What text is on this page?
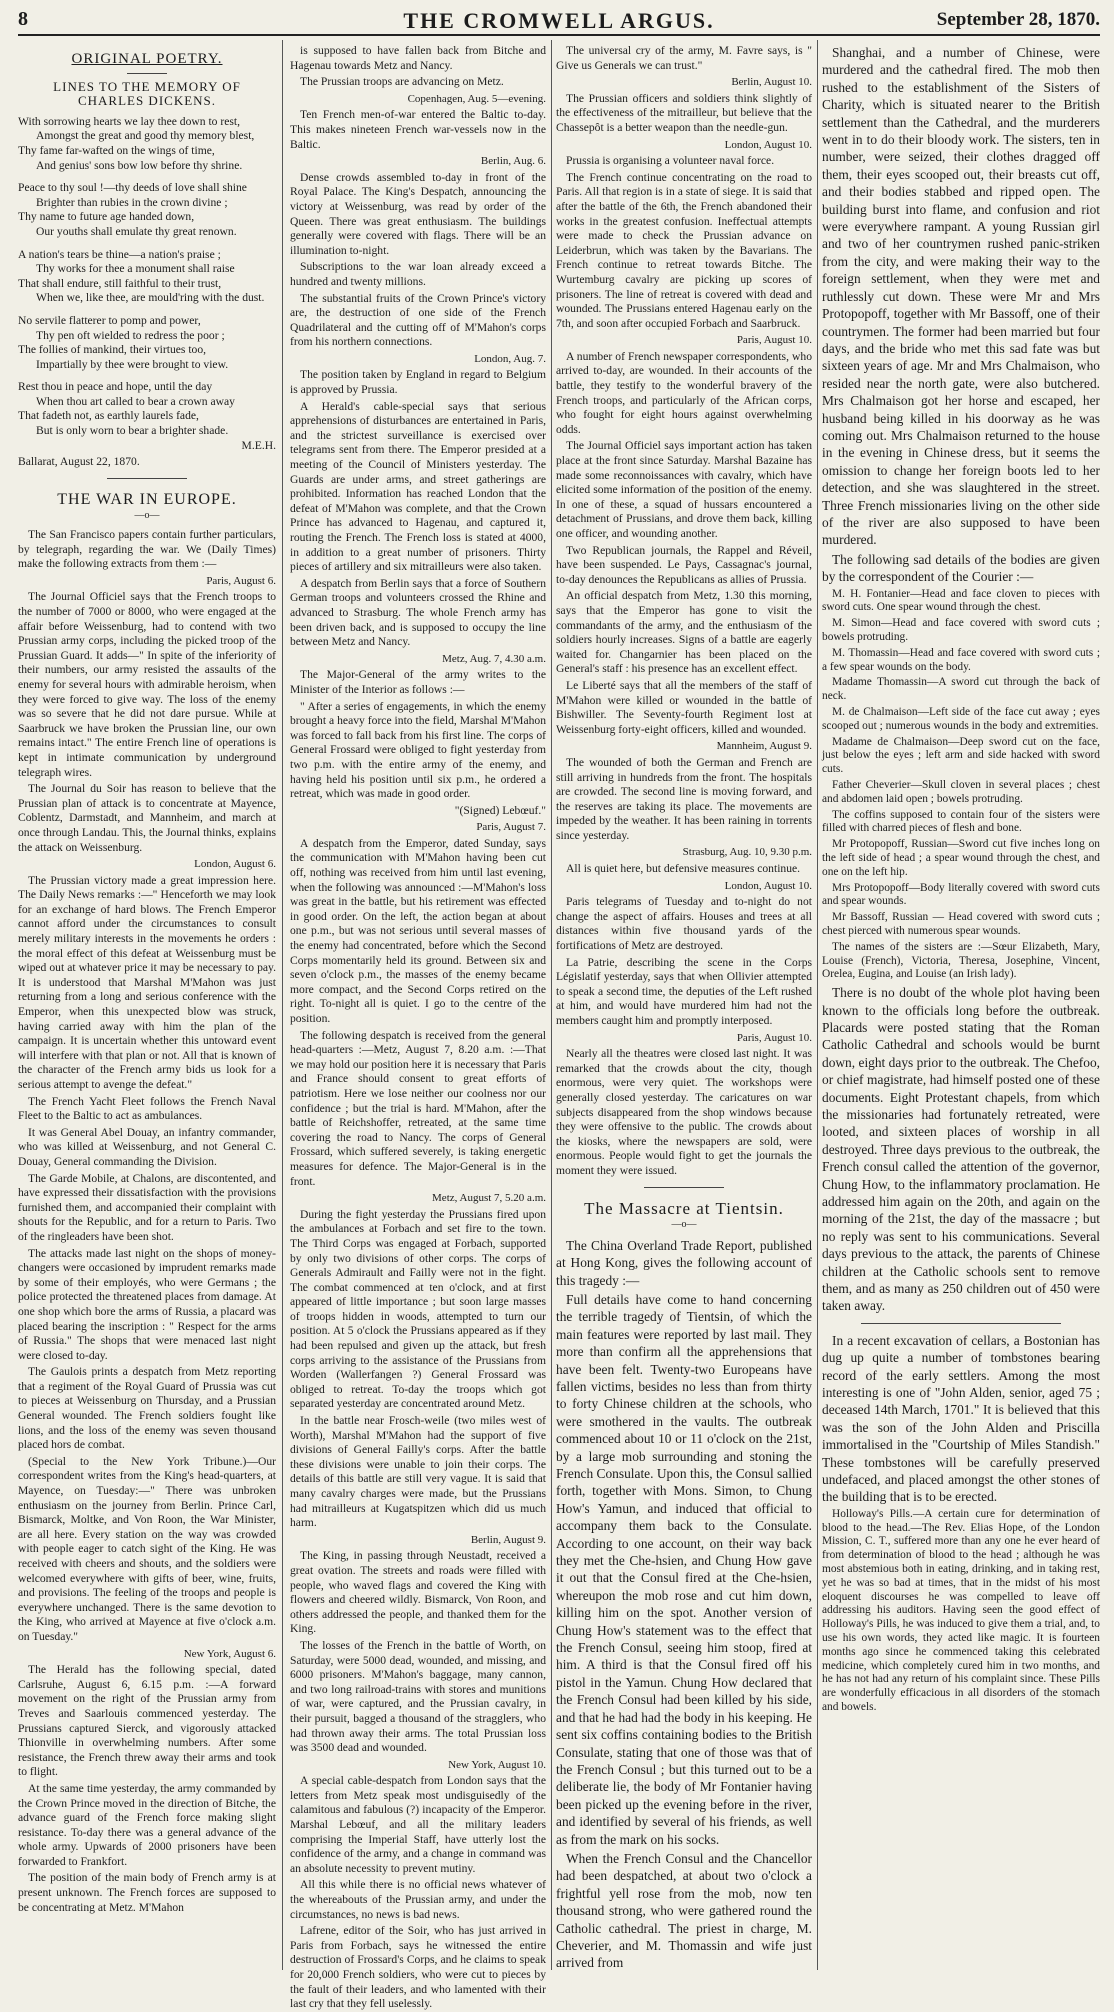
8	THE CROMWELL ARGUS.	September 28, 1870.
ORIGINAL POETRY.
LINES TO THE MEMORY OF CHARLES DICKENS.
With sorrowing hearts we lay thee down to rest,
Amongst the great and good thy memory blest,
Thy fame far-wafted on the wings of time,
And genius' sons bow low before thy shrine.
Peace to thy soul !—thy deeds of love shall shine
Brighter than rubies in the crown divine ;
Thy name to future age handed down,
Our youths shall emulate thy great renown.
A nation's tears be thine—a nation's praise ;
Thy works for thee a monument shall raise
That shall endure, still faithful to their trust,
When we, like thee, are mould'ring with the dust.
No servile flatterer to pomp and power,
Thy pen oft wielded to redress the poor ;
The follies of mankind, their virtues too,
Impartially by thee were brought to view.
Rest thou in peace and hope, until the day
When thou art called to bear a crown away
That fadeth not, as earthly laurels fade,
But is only worn to bear a brighter shade.

M.E.H.

Ballarat, August 22, 1870.

THE WAR IN EUROPE.
—o—

The San Francisco papers contain further particulars, by telegraph, regarding the war. We (Daily Times) make the following extracts from them :—

Paris, August 6.

The Journal Officiel says that the French troops to the number of 7000 or 8000, who were engaged at the affair before Weissenburg, had to contend with two Prussian army corps, including the picked troop of the Prussian Guard. It adds—" In spite of the inferiority of their numbers, our army resisted the assaults of the enemy for several hours with admirable heroism, when they were forced to give way. The loss of the enemy was so severe that he did not dare pursue. While at Saarbruck we have broken the Prussian line, our own remains intact." The entire French line of operations is kept in intimate communication by underground telegraph wires.

The Journal du Soir has reason to believe that the Prussian plan of attack is to concentrate at Mayence, Coblentz, Darmstadt, and Mannheim, and march at once through Landau. This, the Journal thinks, explains the attack on Weissenburg.

London, August 6.

The Prussian victory made a great impression here. The Daily News remarks :—" Henceforth we may look for an exchange of hard blows. The French Emperor cannot afford under the circumstances to consult merely military interests in the movements he orders : the moral effect of this defeat at Weissenburg must be wiped out at whatever price it may be necessary to pay. It is understood that Marshal M'Mahon was just returning from a long and serious conference with the Emperor, when this unexpected blow was struck, having carried away with him the plan of the campaign. It is uncertain whether this untoward event will interfere with that plan or not. All that is known of the character of the French army bids us look for a serious attempt to avenge the defeat."

The French Yacht Fleet follows the French Naval Fleet to the Baltic to act as ambulances.

It was General Abel Douay, an infantry commander, who was killed at Weissenburg, and not General C. Douay, General commanding the Division.

The Garde Mobile, at Chalons, are discontented, and have expressed their dissatisfaction with the provisions furnished them, and accompanied their complaint with shouts for the Republic, and for a return to Paris. Two of the ringleaders have been shot.

The attacks made last night on the shops of money-changers were occasioned by imprudent remarks made by some of their employés, who were Germans ; the police protected the threatened places from damage. At one shop which bore the arms of Russia, a placard was placed bearing the inscription : " Respect for the arms of Russia." The shops that were menaced last night were closed to-day.

The Gaulois prints a despatch from Metz reporting that a regiment of the Royal Guard of Prussia was cut to pieces at Weissenburg on Thursday, and a Prussian General wounded. The French soldiers fought like lions, and the loss of the enemy was seven thousand placed hors de combat.

(Special to the New York Tribune.)—Our correspondent writes from the King's head-quarters, at Mayence, on Tuesday:—" There was unbroken enthusiasm on the journey from Berlin. Prince Carl, Bismarck, Moltke, and Von Roon, the War Minister, are all here. Every station on the way was crowded with people eager to catch sight of the King. He was received with cheers and shouts, and the soldiers were welcomed everywhere with gifts of beer, wine, fruits, and provisions. The feeling of the troops and people is everywhere unchanged. There is the same devotion to the King, who arrived at Mayence at five o'clock a.m. on Tuesday."

New York, August 6.

The Herald has the following special, dated Carlsruhe, August 6, 6.15 p.m. :—A forward movement on the right of the Prussian army from Treves and Saarlouis commenced yesterday. The Prussians captured Sierck, and vigorously attacked Thionville in overwhelming numbers. After some resistance, the French threw away their arms and took to flight.

At the same time yesterday, the army commanded by the Crown Prince moved in the direction of Bitche, the advance guard of the French force making slight resistance. To-day there was a general advance of the whole army. Upwards of 2000 prisoners have been forwarded to Frankfort.

The position of the main body of French army is at present unknown. The French forces are supposed to be concentrating at Metz. M'Mahon

is supposed to have fallen back from Bitche and Hagenau towards Metz and Nancy.

The Prussian troops are advancing on Metz.

Copenhagen, Aug. 5—evening.

Ten French men-of-war entered the Baltic to-day. This makes nineteen French war-vessels now in the Baltic.

Berlin, Aug. 6.

Dense crowds assembled to-day in front of the Royal Palace. The King's Despatch, announcing the victory at Weissenburg, was read by order of the Queen. There was great enthusiasm. The buildings generally were covered with flags. There will be an illumination to-night.

Subscriptions to the war loan already exceed a hundred and twenty millions.

The substantial fruits of the Crown Prince's victory are, the destruction of one side of the French Quadrilateral and the cutting off of M'Mahon's corps from his northern connections.

London, Aug. 7.

The position taken by England in regard to Belgium is approved by Prussia.

A Herald's cable-special says that serious apprehensions of disturbances are entertained in Paris, and the strictest surveillance is exercised over telegrams sent from there. The Emperor presided at a meeting of the Council of Ministers yesterday. The Guards are under arms, and street gatherings are prohibited. Information has reached London that the defeat of M'Mahon was complete, and that the Crown Prince has advanced to Hagenau, and captured it, routing the French. The French loss is stated at 4000, in addition to a great number of prisoners. Thirty pieces of artillery and six mitrailleurs were also taken.

A despatch from Berlin says that a force of Southern German troops and volunteers crossed the Rhine and advanced to Strasburg. The whole French army has been driven back, and is supposed to occupy the line between Metz and Nancy.

Metz, Aug. 7, 4.30 a.m.

The Major-General of the army writes to the Minister of the Interior as follows :—

" After a series of engagements, in which the enemy brought a heavy force into the field, Marshal M'Mahon was forced to fall back from his first line. The corps of General Frossard were obliged to fight yesterday from two p.m. with the entire army of the enemy, and having held his position until six p.m., he ordered a retreat, which was made in good order.

"(Signed) Lebœuf."

Paris, August 7.

A despatch from the Emperor, dated Sunday, says the communication with M'Mahon having been cut off, nothing was received from him until last evening, when the following was announced :—M'Mahon's loss was great in the battle, but his retirement was effected in good order. On the left, the action began at about one p.m., but was not serious until several masses of the enemy had concentrated, before which the Second Corps momentarily held its ground. Between six and seven o'clock p.m., the masses of the enemy became more compact, and the Second Corps retired on the right. To-night all is quiet. I go to the centre of the position.

The following despatch is received from the general head-quarters :—Metz, August 7, 8.20 a.m. :—That we may hold our position here it is necessary that Paris and France should consent to great efforts of patriotism. Here we lose neither our coolness nor our confidence ; but the trial is hard. M'Mahon, after the battle of Reichshoffer, retreated, at the same time covering the road to Nancy. The corps of General Frossard, which suffered severely, is taking energetic measures for defence. The Major-General is in the front.

Metz, August 7, 5.20 a.m.

During the fight yesterday the Prussians fired upon the ambulances at Forbach and set fire to the town. The Third Corps was engaged at Forbach, supported by only two divisions of other corps. The corps of Generals Admirault and Failly were not in the fight. The combat commenced at ten o'clock, and at first appeared of little importance ; but soon large masses of troops hidden in woods, attempted to turn our position. At 5 o'clock the Prussians appeared as if they had been repulsed and given up the attack, but fresh corps arriving to the assistance of the Prussians from Worden (Wallerfangen ?) General Frossard was obliged to retreat. To-day the troops which got separated yesterday are concentrated around Metz.

In the battle near Frosch-weile (two miles west of Worth), Marshal M'Mahon had the support of five divisions of General Failly's corps. After the battle these divisions were unable to join their corps. The details of this battle are still very vague. It is said that many cavalry charges were made, but the Prussians had mitrailleurs at Kugatspitzen which did us much harm.

Berlin, August 9.

The King, in passing through Neustadt, received a great ovation. The streets and roads were filled with people, who waved flags and covered the King with flowers and cheered wildly. Bismarck, Von Roon, and others addressed the people, and thanked them for the King.

The losses of the French in the battle of Worth, on Saturday, were 5000 dead, wounded, and missing, and 6000 prisoners. M'Mahon's baggage, many cannon, and two long railroad-trains with stores and munitions of war, were captured, and the Prussian cavalry, in their pursuit, bagged a thousand of the stragglers, who had thrown away their arms. The total Prussian loss was 3500 dead and wounded.

New York, August 10.

A special cable-despatch from London says that the letters from Metz speak most undisguisedly of the calamitous and fabulous (?) incapacity of the Emperor. Marshal Lebœuf, and all the military leaders comprising the Imperial Staff, have utterly lost the confidence of the army, and a change in command was an absolute necessity to prevent mutiny.

All this while there is no official news whatever of the whereabouts of the Prussian army, and under the circumstances, no news is bad news.

Lafrene, editor of the Soir, who has just arrived in Paris from Forbach, says he witnessed the entire destruction of Frossard's Corps, and he claims to speak for 20,000 French soldiers, who were cut to pieces by the fault of their leaders, and who lamented with their last cry that they fell uselessly.

The universal cry of the army, M. Favre says, is " Give us Generals we can trust."

Berlin, August 10.

The Prussian officers and soldiers think slightly of the effectiveness of the mitrailleur, but believe that the Chassepôt is a better weapon than the needle-gun.

London, August 10.

Prussia is organising a volunteer naval force.

The French continue concentrating on the road to Paris. All that region is in a state of siege. It is said that after the battle of the 6th, the French abandoned their works in the greatest confusion. Ineffectual attempts were made to check the Prussian advance on Leiderbrun, which was taken by the Bavarians. The French continue to retreat towards Bitche. The Wurtemburg cavalry are picking up scores of prisoners. The line of retreat is covered with dead and wounded. The Prussians entered Hagenau early on the 7th, and soon after occupied Forbach and Saarbruck.

Paris, August 10.

A number of French newspaper correspondents, who arrived to-day, are wounded. In their accounts of the battle, they testify to the wonderful bravery of the French troops, and particularly of the African corps, who fought for eight hours against overwhelming odds.

The Journal Officiel says important action has taken place at the front since Saturday. Marshal Bazaine has made some reconnoissances with cavalry, which have elicited some information of the position of the enemy. In one of these, a squad of hussars encountered a detachment of Prussians, and drove them back, killing one officer, and wounding another.

Two Republican journals, the Rappel and Réveil, have been suspended. Le Pays, Cassagnac's journal, to-day denounces the Republicans as allies of Prussia.

An official despatch from Metz, 1.30 this morning, says that the Emperor has gone to visit the commandants of the army, and the enthusiasm of the soldiers hourly increases. Signs of a battle are eagerly waited for. Changarnier has been placed on the General's staff : his presence has an excellent effect.

Le Liberté says that all the members of the staff of M'Mahon were killed or wounded in the battle of Bishwiller. The Seventy-fourth Regiment lost at Weissenburg forty-eight officers, killed and wounded.

Mannheim, August 9.

The wounded of both the German and French are still arriving in hundreds from the front. The hospitals are crowded. The second line is moving forward, and the reserves are taking its place. The movements are impeded by the weather. It has been raining in torrents since yesterday.

Strasburg, Aug. 10, 9.30 p.m.

All is quiet here, but defensive measures continue.

London, August 10.

Paris telegrams of Tuesday and to-night do not change the aspect of affairs. Houses and trees at all distances within five thousand yards of the fortifications of Metz are destroyed.

La Patrie, describing the scene in the Corps Législatif yesterday, says that when Ollivier attempted to speak a second time, the deputies of the Left rushed at him, and would have murdered him had not the members caught him and promptly interposed.

Paris, August 10.

Nearly all the theatres were closed last night. It was remarked that the crowds about the city, though enormous, were very quiet. The workshops were generally closed yesterday. The caricatures on war subjects disappeared from the shop windows because they were offensive to the public. The crowds about the kiosks, where the newspapers are sold, were enormous. People would fight to get the journals the moment they were issued.

The Massacre at Tientsin.
—o—

The China Overland Trade Report, published at Hong Kong, gives the following account of this tragedy :—

Full details have come to hand concerning the terrible tragedy of Tientsin, of which the main features were reported by last mail. They more than confirm all the apprehensions that have been felt. Twenty-two Europeans have fallen victims, besides no less than from thirty to forty Chinese children at the schools, who were smothered in the vaults. The outbreak commenced about 10 or 11 o'clock on the 21st, by a large mob surrounding and stoning the French Consulate. Upon this, the Consul sallied forth, together with Mons. Simon, to Chung How's Yamun, and induced that official to accompany them back to the Consulate. According to one account, on their way back they met the Che-hsien, and Chung How gave it out that the Consul fired at the Che-hsien, whereupon the mob rose and cut him down, killing him on the spot. Another version of Chung How's statement was to the effect that the French Consul, seeing him stoop, fired at him. A third is that the Consul fired off his pistol in the Yamun. Chung How declared that the French Consul had been killed by his side, and that he had had the body in his keeping. He sent six coffins containing bodies to the British Consulate, stating that one of those was that of the French Consul ; but this turned out to be a deliberate lie, the body of Mr Fontanier having been picked up the evening before in the river, and identified by several of his friends, as well as from the mark on his socks.

When the French Consul and the Chancellor had been despatched, at about two o'clock a frightful yell rose from the mob, now ten thousand strong, who were gathered round the Catholic cathedral. The priest in charge, M. Cheverier, and M. Thomassin and wife just arrived from

Shanghai, and a number of Chinese, were murdered and the cathedral fired. The mob then rushed to the establishment of the Sisters of Charity, which is situated nearer to the British settlement than the Cathedral, and the murderers went in to do their bloody work. The sisters, ten in number, were seized, their clothes dragged off them, their eyes scooped out, their breasts cut off, and their bodies stabbed and ripped open. The building burst into flame, and confusion and riot were everywhere rampant. A young Russian girl and two of her countrymen rushed panic-striken from the city, and were making their way to the foreign settlement, when they were met and ruthlessly cut down. These were Mr and Mrs Protopopoff, together with Mr Bassoff, one of their countrymen. The former had been married but four days, and the bride who met this sad fate was but sixteen years of age. Mr and Mrs Chalmaison, who resided near the north gate, were also butchered. Mrs Chalmaison got her horse and escaped, her husband being killed in his doorway as he was coming out. Mrs Chalmaison returned to the house in the evening in Chinese dress, but it seems the omission to change her foreign boots led to her detection, and she was slaughtered in the street. Three French missionaries living on the other side of the river are also supposed to have been murdered.

The following sad details of the bodies are given by the correspondent of the Courier :—

M. H. Fontanier—Head and face cloven to pieces with sword cuts. One spear wound through the chest.

M. Simon—Head and face covered with sword cuts ; bowels protruding.

M. Thomassin—Head and face covered with sword cuts ; a few spear wounds on the body.

Madame Thomassin—A sword cut through the back of neck.

M. de Chalmaison—Left side of the face cut away ; eyes scooped out ; numerous wounds in the body and extremities.

Madame de Chalmaison—Deep sword cut on the face, just below the eyes ; left arm and side hacked with sword cuts.

Father Cheverier—Skull cloven in several places ; chest and abdomen laid open ; bowels protruding.

The coffins supposed to contain four of the sisters were filled with charred pieces of flesh and bone.

Mr Protopopoff, Russian—Sword cut five inches long on the left side of head ; a spear wound through the chest, and one on the left hip.

Mrs Protopopoff—Body literally covered with sword cuts and spear wounds.

Mr Bassoff, Russian — Head covered with sword cuts ; chest pierced with numerous spear wounds.

The names of the sisters are :—Sœur Elizabeth, Mary, Louise (French), Victoria, Theresa, Josephine, Vincent, Orelea, Eugina, and Louise (an Irish lady).

There is no doubt of the whole plot having been known to the officials long before the outbreak. Placards were posted stating that the Roman Catholic Cathedral and schools would be burnt down, eight days prior to the outbreak. The Chefoo, or chief magistrate, had himself posted one of these documents. Eight Protestant chapels, from which the missionaries had fortunately retreated, were looted, and sixteen places of worship in all destroyed. Three days previous to the outbreak, the French consul called the attention of the governor, Chung How, to the inflammatory proclamation. He addressed him again on the 20th, and again on the morning of the 21st, the day of the massacre ; but no reply was sent to his communications. Several days previous to the attack, the parents of Chinese children at the Catholic schools sent to remove them, and as many as 250 children out of 450 were taken away.

In a recent excavation of cellars, a Bostonian has dug up quite a number of tombstones bearing record of the early settlers. Among the most interesting is one of "John Alden, senior, aged 75 ; deceased 14th March, 1701." It is believed that this was the son of the John Alden and Priscilla immortalised in the "Courtship of Miles Standish." These tombstones will be carefully preserved undefaced, and placed amongst the other stones of the building that is to be erected.

Holloway's Pills.—A certain cure for determination of blood to the head.—The Rev. Elias Hope, of the London Mission, C. T., suffered more than any one he ever heard of from determination of blood to the head ; although he was most abstemious both in eating, drinking, and in taking rest, yet he was so bad at times, that in the midst of his most eloquent discourses he was compelled to leave off addressing his auditors. Having seen the good effect of Holloway's Pills, he was induced to give them a trial, and, to use his own words, they acted like magic. It is fourteen months ago since he commenced taking this celebrated medicine, which completely cured him in two months, and he has not had any return of his complaint since. These Pills are wonderfully efficacious in all disorders of the stomach and bowels.
